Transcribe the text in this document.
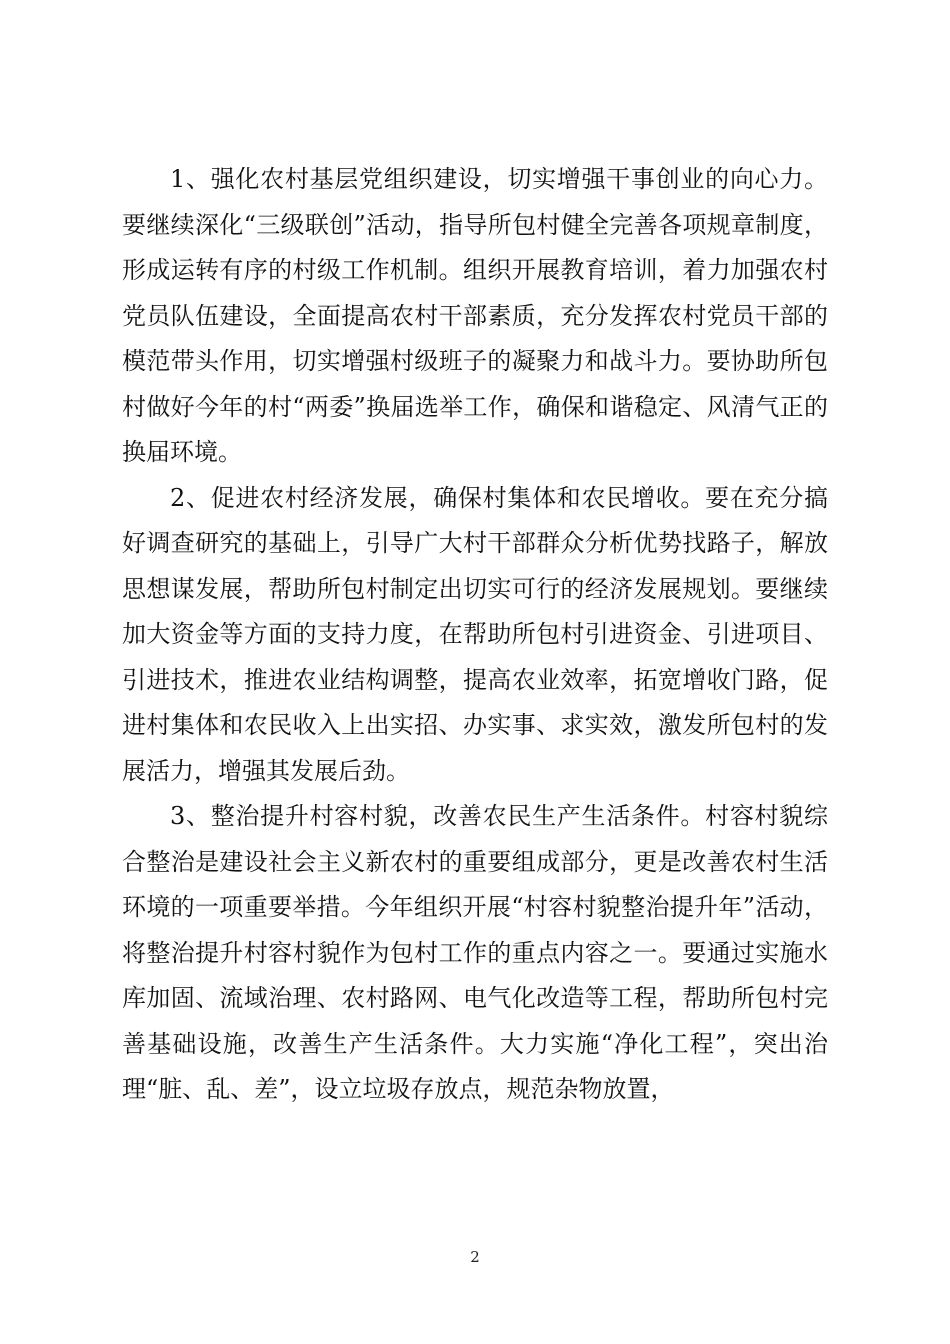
1、强化农村基层党组织建设，切实增强干事创业的向心力。要继续深化“三级联创”活动，指导所包村健全完善各项规章制度，形成运转有序的村级工作机制。组织开展教育培训，着力加强农村党员队伍建设，全面提高农村干部素质，充分发挥农村党员干部的模范带头作用，切实增强村级班子的凝聚力和战斗力。要协助所包村做好今年的村“两委”换届选举工作，确保和谐稳定、风清气正的换届环境。

2、促进农村经济发展，确保村集体和农民增收。要在充分搞好调查研究的基础上，引导广大村干部群众分析优势找路子，解放思想谋发展，帮助所包村制定出切实可行的经济发展规划。要继续加大资金等方面的支持力度，在帮助所包村引进资金、引进项目、引进技术，推进农业结构调整，提高农业效率，拓宽增收门路，促进村集体和农民收入上出实招、办实事、求实效，激发所包村的发展活力，增强其发展后劲。

3、整治提升村容村貌，改善农民生产生活条件。村容村貌综合整治是建设社会主义新农村的重要组成部分，更是改善农村生活环境的一项重要举措。今年组织开展“村容村貌整治提升年”活动，将整治提升村容村貌作为包村工作的重点内容之一。要通过实施水库加固、流域治理、农村路网、电气化改造等工程，帮助所包村完善基础设施，改善生产生活条件。大力实施“净化工程”，突出治理“脏、乱、差”，设立垃圾存放点，规范杂物放置，

2
